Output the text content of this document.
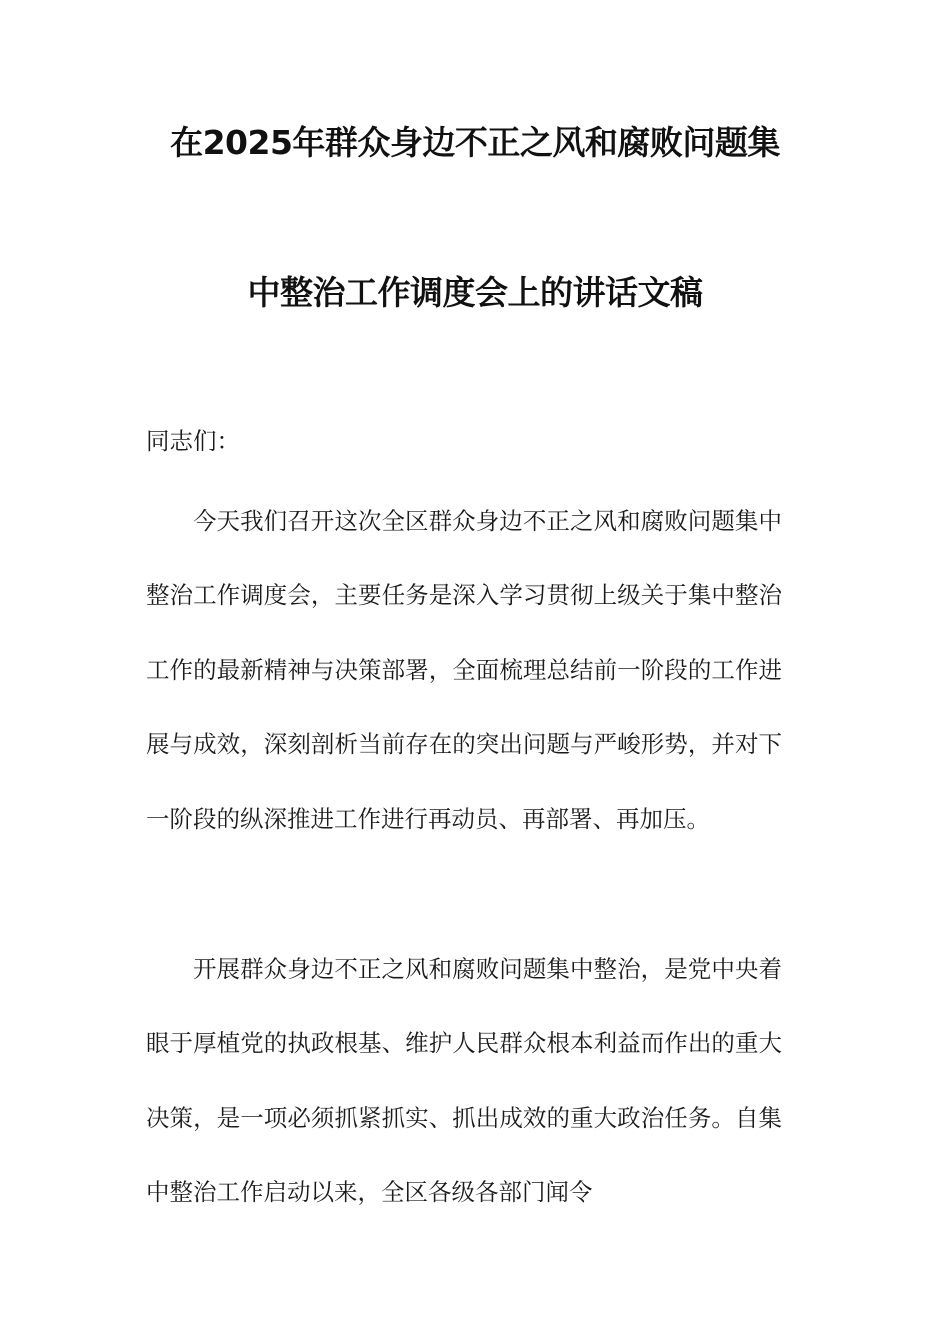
在2025年群众身边不正之风和腐败问题集
中整治工作调度会上的讲话文稿
同志们：

今天我们召开这次全区群众身边不正之风和腐败问题集中整治工作调度会，主要任务是深入学习贯彻上级关于集中整治工作的最新精神与决策部署，全面梳理总结前一阶段的工作进展与成效，深刻剖析当前存在的突出问题与严峻形势，并对下一阶段的纵深推进工作进行再动员、再部署、再加压。

开展群众身边不正之风和腐败问题集中整治，是党中央着眼于厚植党的执政根基、维护人民群众根本利益而作出的重大决策，是一项必须抓紧抓实、抓出成效的重大政治任务。自集中整治工作启动以来，全区各级各部门闻令
